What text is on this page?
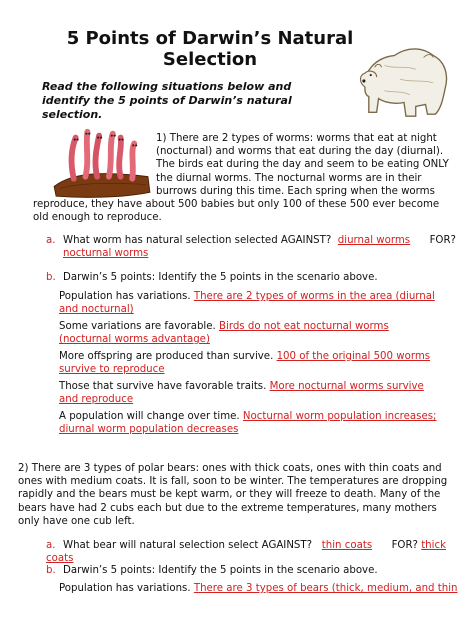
5 Points of Darwin’s Natural Selection
Read the following situations below and identify the 5 points of Darwin’s natural selection.
1) There are 2 types of worms: worms that eat at night (nocturnal) and worms that eat during the day (diurnal). The birds eat during the day and seem to be eating ONLY the diurnal worms. The nocturnal worms are in their burrows during this time. Each spring when the worms reproduce, they have about 500 babies but only 100 of these 500 ever become old enough to reproduce.
a. What worm has natural selection selected AGAINST? diurnal worms FOR?
nocturnal worms
b. Darwin’s 5 points: Identify the 5 points in the scenario above.
Population has variations. There are 2 types of worms in the area (diurnal and nocturnal)
Some variations are favorable. Birds do not eat nocturnal worms (nocturnal worms advantage)
More offspring are produced than survive. 100 of the original 500 worms survive to reproduce
Those that survive have favorable traits. More nocturnal worms survive and reproduce
A population will change over time. Nocturnal worm population increases; diurnal worm population decreases
2) There are 3 types of polar bears: ones with thick coats, ones with thin coats and ones with medium coats. It is fall, soon to be winter. The temperatures are dropping rapidly and the bears must be kept warm, or they will freeze to death. Many of the bears have had 2 cubs each but due to the extreme temperatures, many mothers only have one cub left.
a. What bear will natural selection select AGAINST? thin coats FOR? thick coats
b. Darwin’s 5 points: Identify the 5 points in the scenario above.
Population has variations. There are 3 types of bears (thick, medium, and thin
